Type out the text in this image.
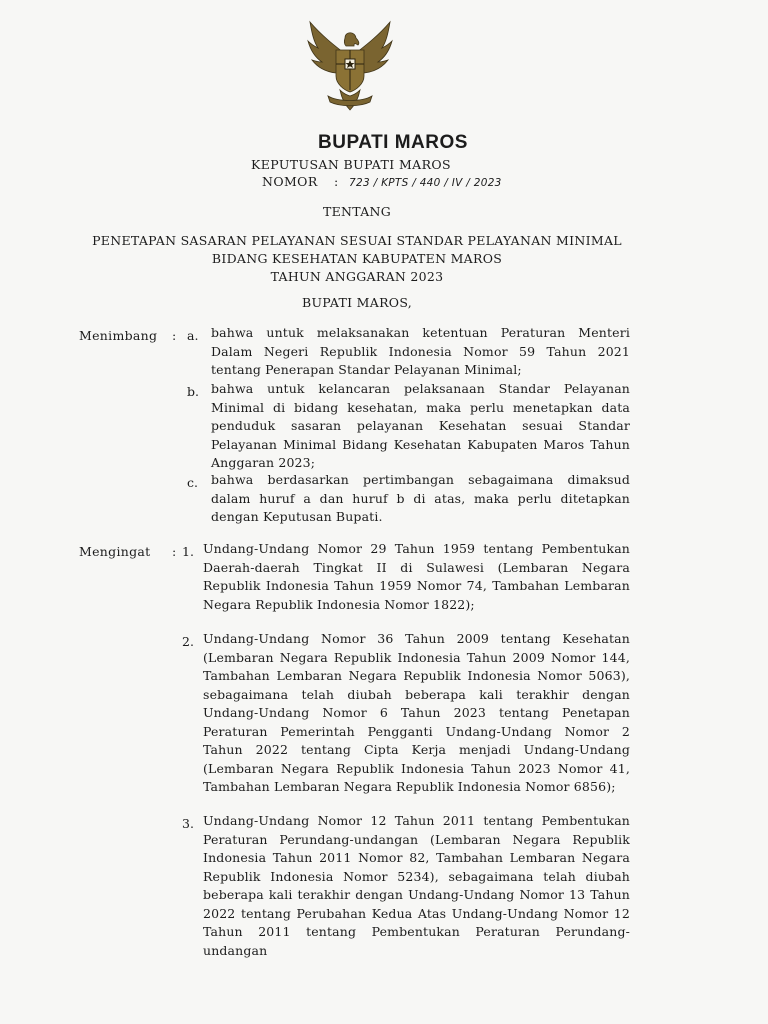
BUPATI MAROS
KEPUTUSAN BUPATI MAROS
NOMOR : 723 / KPTS / 440 / IV / 2023
TENTANG
PENETAPAN SASARAN PELAYANAN SESUAI STANDAR PELAYANAN MINIMAL
BIDANG KESEHATAN KABUPATEN MAROS
TAHUN ANGGARAN 2023
BUPATI MAROS,
Menimbang : a. bahwa untuk melaksanakan ketentuan Peraturan Menteri Dalam Negeri Republik Indonesia Nomor 59 Tahun 2021 tentang Penerapan Standar Pelayanan Minimal;
b. bahwa untuk kelancaran pelaksanaan Standar Pelayanan Minimal di bidang kesehatan, maka perlu menetapkan data penduduk sasaran pelayanan Kesehatan sesuai Standar Pelayanan Minimal Bidang Kesehatan Kabupaten Maros Tahun Anggaran 2023;
c. bahwa berdasarkan pertimbangan sebagaimana dimaksud dalam huruf a dan huruf b di atas, maka perlu ditetapkan dengan Keputusan Bupati.
Mengingat : 1. Undang-Undang Nomor 29 Tahun 1959 tentang Pembentukan Daerah-daerah Tingkat II di Sulawesi (Lembaran Negara Republik Indonesia Tahun 1959 Nomor 74, Tambahan Lembaran Negara Republik Indonesia Nomor 1822);
2. Undang-Undang Nomor 36 Tahun 2009 tentang Kesehatan (Lembaran Negara Republik Indonesia Tahun 2009 Nomor 144, Tambahan Lembaran Negara Republik Indonesia Nomor 5063), sebagaimana telah diubah beberapa kali terakhir dengan Undang-Undang Nomor 6 Tahun 2023 tentang Penetapan Peraturan Pemerintah Pengganti Undang-Undang Nomor 2 Tahun 2022 tentang Cipta Kerja menjadi Undang-Undang (Lembaran Negara Republik Indonesia Tahun 2023 Nomor 41, Tambahan Lembaran Negara Republik Indonesia Nomor 6856);
3. Undang-Undang Nomor 12 Tahun 2011 tentang Pembentukan Peraturan Perundang-undangan (Lembaran Negara Republik Indonesia Tahun 2011 Nomor 82, Tambahan Lembaran Negara Republik Indonesia Nomor 5234), sebagaimana telah diubah beberapa kali terakhir dengan Undang-Undang Nomor 13 Tahun 2022 tentang Perubahan Kedua Atas Undang-Undang Nomor 12 Tahun 2011 tentang Pembentukan Peraturan Perundang-undangan
